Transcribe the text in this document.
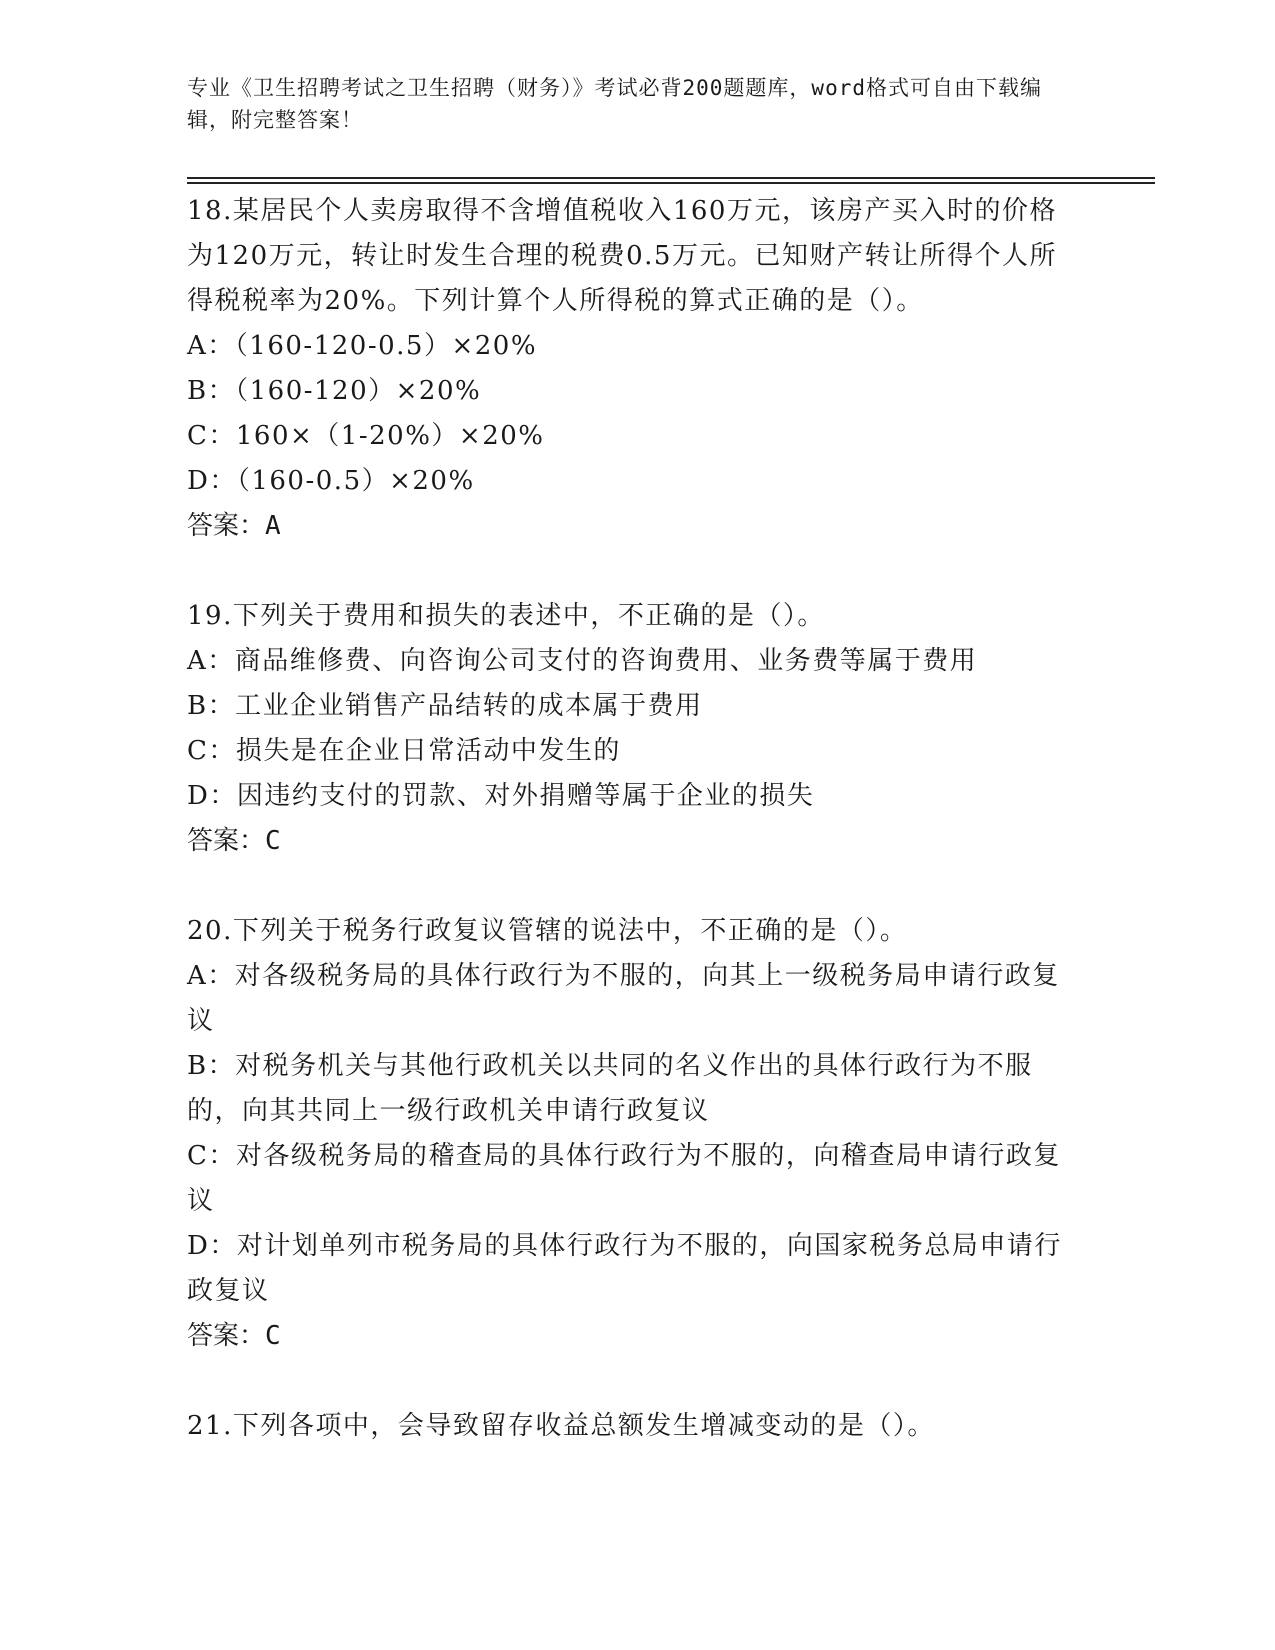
专业《卫生招聘考试之卫生招聘（财务）》考试必背200题题库，word格式可自由下载编辑，附完整答案！

18.某居民个人卖房取得不含增值税收入160万元，该房产买入时的价格为120万元，转让时发生合理的税费0.5万元。已知财产转让所得个人所得税税率为20%。下列计算个人所得税的算式正确的是（）。

A：（160-120-0.5）×20%

B：（160-120）×20%

C：160×（1-20%）×20%

D：（160-0.5）×20%

答案：A

19.下列关于费用和损失的表述中，不正确的是（）。

A：商品维修费、向咨询公司支付的咨询费用、业务费等属于费用

B：工业企业销售产品结转的成本属于费用

C：损失是在企业日常活动中发生的

D：因违约支付的罚款、对外捐赠等属于企业的损失

答案：C

20.下列关于税务行政复议管辖的说法中，不正确的是（）。

A：对各级税务局的具体行政行为不服的，向其上一级税务局申请行政复议

B：对税务机关与其他行政机关以共同的名义作出的具体行政行为不服的，向其共同上一级行政机关申请行政复议

C：对各级税务局的稽查局的具体行政行为不服的，向稽查局申请行政复议

D：对计划单列市税务局的具体行政行为不服的，向国家税务总局申请行政复议

答案：C

21.下列各项中，会导致留存收益总额发生增减变动的是（）。
